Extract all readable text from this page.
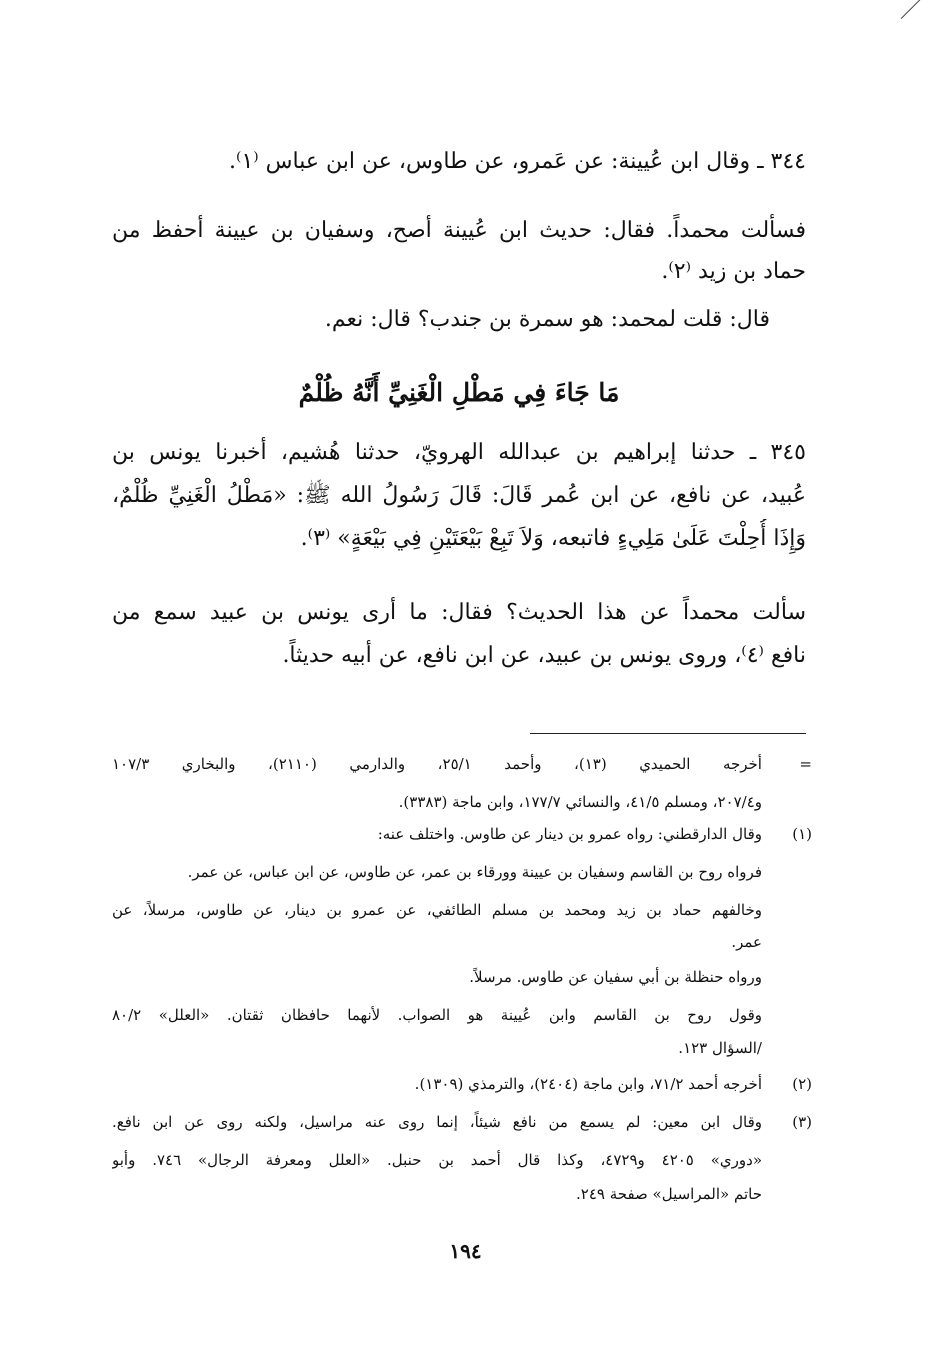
٣٤٤ ـ وقال ابن عُيينة: عن عَمرو، عن طاوس، عن ابن عباس ⁽١⁾.
فسألت محمداً. فقال: حديث ابن عُيينة أصح، وسفيان بن عيينة أحفظ من
حماد بن زيد ⁽٢⁾.
قال: قلت لمحمد: هو سمرة بن جندب؟ قال: نعم.
مَا جَاءَ فِي مَطْلِ الْغَنِيِّ أَنَّهُ ظُلْمٌ
٣٤٥ ـ حدثنا إبراهيم بن عبدالله الهرويّ، حدثنا هُشيم، أخبرنا يونس بن
عُبيد، عن نافع، عن ابن عُمر قَالَ: قَالَ رَسُولُ الله ﷺ: «مَطْلُ الْغَنِيِّ ظُلْمٌ،
وَإِذَا أُحِلْتَ عَلَىٰ مَلِيءٍ فاتبعه، وَلاَ تَبِعْ بَيْعَتَيْنِ فِي بَيْعَةٍ» ⁽٣⁾.
سألت محمداً عن هذا الحديث؟ فقال: ما أرى يونس بن عبيد سمع من
نافع ⁽٤⁾، وروى يونس بن عبيد، عن ابن نافع، عن أبيه حديثاً.
=
أخرجه الحميدي (١٣)، وأحمد ٢٥/١، والدارمي (٢١١٠)، والبخاري ١٠٧/٣
و٢٠٧/٤، ومسلم ٤١/٥، والنسائي ١٧٧/٧، وابن ماجة (٣٣٨٣).
(١)
وقال الدارقطني: رواه عمرو بن دينار عن طاوس. واختلف عنه:
فرواه روح بن القاسم وسفيان بن عيينة وورقاء بن عمر، عن طاوس، عن ابن عباس، عن عمر.
وخالفهم حماد بن زيد ومحمد بن مسلم الطائفي، عن عمرو بن دينار، عن طاوس، مرسلاً، عن
عمر.
ورواه حنظلة بن أبي سفيان عن طاوس. مرسلاً.
وقول روح بن القاسم وابن عُيينة هو الصواب. لأنهما حافظان ثقتان. «العلل» ٨٠/٢
/السؤال ١٢٣.
(٢)
أخرجه أحمد ٧١/٢، وابن ماجة (٢٤٠٤)، والترمذي (١٣٠٩).
(٣)
وقال ابن معين: لم يسمع من نافع شيئاً، إنما روى عنه مراسيل، ولكنه روى عن ابن نافع.
«دوري» ٤٢٠٥ و٤٧٢٩، وكذا قال أحمد بن حنبل. «العلل ومعرفة الرجال» ٧٤٦. وأبو
حاتم «المراسيل» صفحة ٢٤٩.
١٩٤
